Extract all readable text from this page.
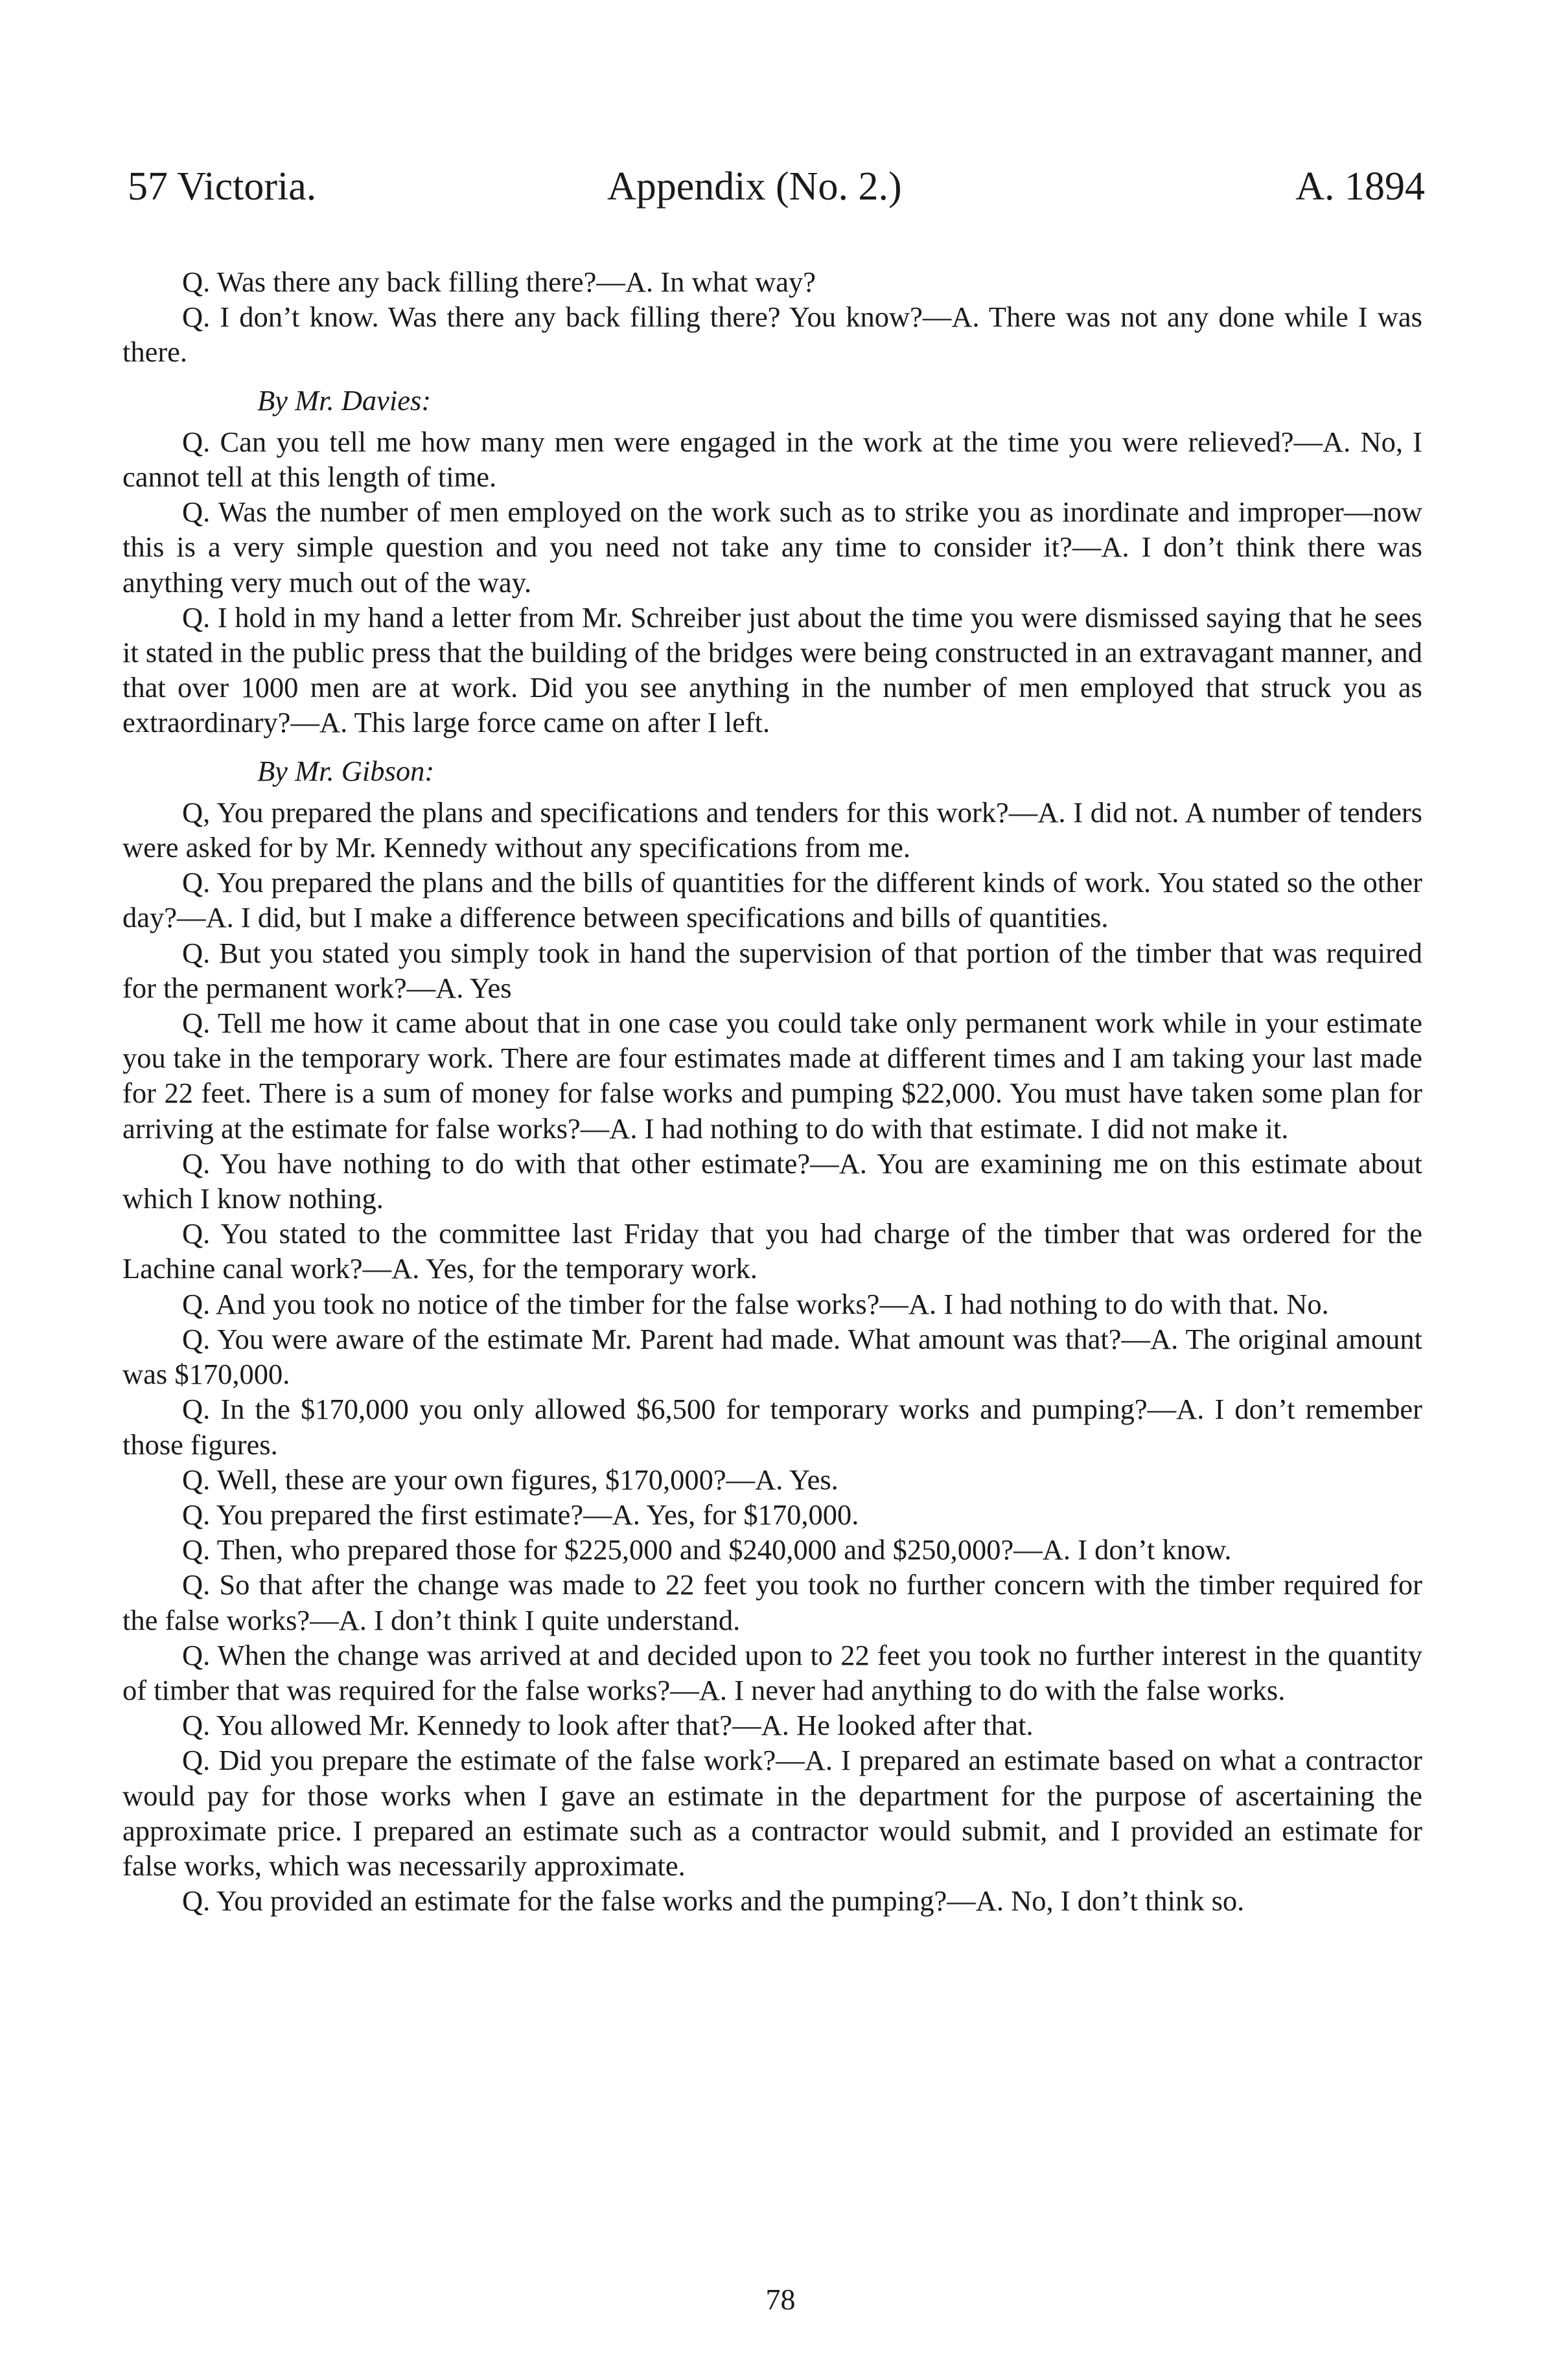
57 Victoria.	Appendix (No. 2.)	A. 1894

Q. Was there any back filling there?—A. In what way?

Q. I don’t know. Was there any back filling there? You know?—A. There was not any done while I was there.

By Mr. Davies:

Q. Can you tell me how many men were engaged in the work at the time you were relieved?—A. No, I cannot tell at this length of time.

Q. Was the number of men employed on the work such as to strike you as inordinate and improper—now this is a very simple question and you need not take any time to consider it?—A. I don’t think there was anything very much out of the way.

Q. I hold in my hand a letter from Mr. Schreiber just about the time you were dismissed saying that he sees it stated in the public press that the building of the bridges were being constructed in an extravagant manner, and that over 1000 men are at work. Did you see anything in the number of men employed that struck you as extraordinary?—A. This large force came on after I left.

By Mr. Gibson:

Q, You prepared the plans and specifications and tenders for this work?—A. I did not. A number of tenders were asked for by Mr. Kennedy without any specifications from me.

Q. You prepared the plans and the bills of quantities for the different kinds of work. You stated so the other day?—A. I did, but I make a difference between specifications and bills of quantities.

Q. But you stated you simply took in hand the supervision of that portion of the timber that was required for the permanent work?—A. Yes

Q. Tell me how it came about that in one case you could take only permanent work while in your estimate you take in the temporary work. There are four estimates made at different times and I am taking your last made for 22 feet. There is a sum of money for false works and pumping $22,000. You must have taken some plan for arriving at the estimate for false works?—A. I had nothing to do with that estimate. I did not make it.

Q. You have nothing to do with that other estimate?—A. You are examining me on this estimate about which I know nothing.

Q. You stated to the committee last Friday that you had charge of the timber that was ordered for the Lachine canal work?—A. Yes, for the temporary work.

Q. And you took no notice of the timber for the false works?—A. I had nothing to do with that. No.

Q. You were aware of the estimate Mr. Parent had made. What amount was that?—A. The original amount was $170,000.

Q. In the $170,000 you only allowed $6,500 for temporary works and pumping?—A. I don’t remember those figures.

Q. Well, these are your own figures, $170,000?—A. Yes.

Q. You prepared the first estimate?—A. Yes, for $170,000.

Q. Then, who prepared those for $225,000 and $240,000 and $250,000?—A. I don’t know.

Q. So that after the change was made to 22 feet you took no further concern with the timber required for the false works?—A. I don’t think I quite understand.

Q. When the change was arrived at and decided upon to 22 feet you took no further interest in the quantity of timber that was required for the false works?—A. I never had anything to do with the false works.

Q. You allowed Mr. Kennedy to look after that?—A. He looked after that.

Q. Did you prepare the estimate of the false work?—A. I prepared an estimate based on what a contractor would pay for those works when I gave an estimate in the department for the purpose of ascertaining the approximate price. I prepared an estimate such as a contractor would submit, and I provided an estimate for false works, which was necessarily approximate.

Q. You provided an estimate for the false works and the pumping?—A. No, I don’t think so.

78
